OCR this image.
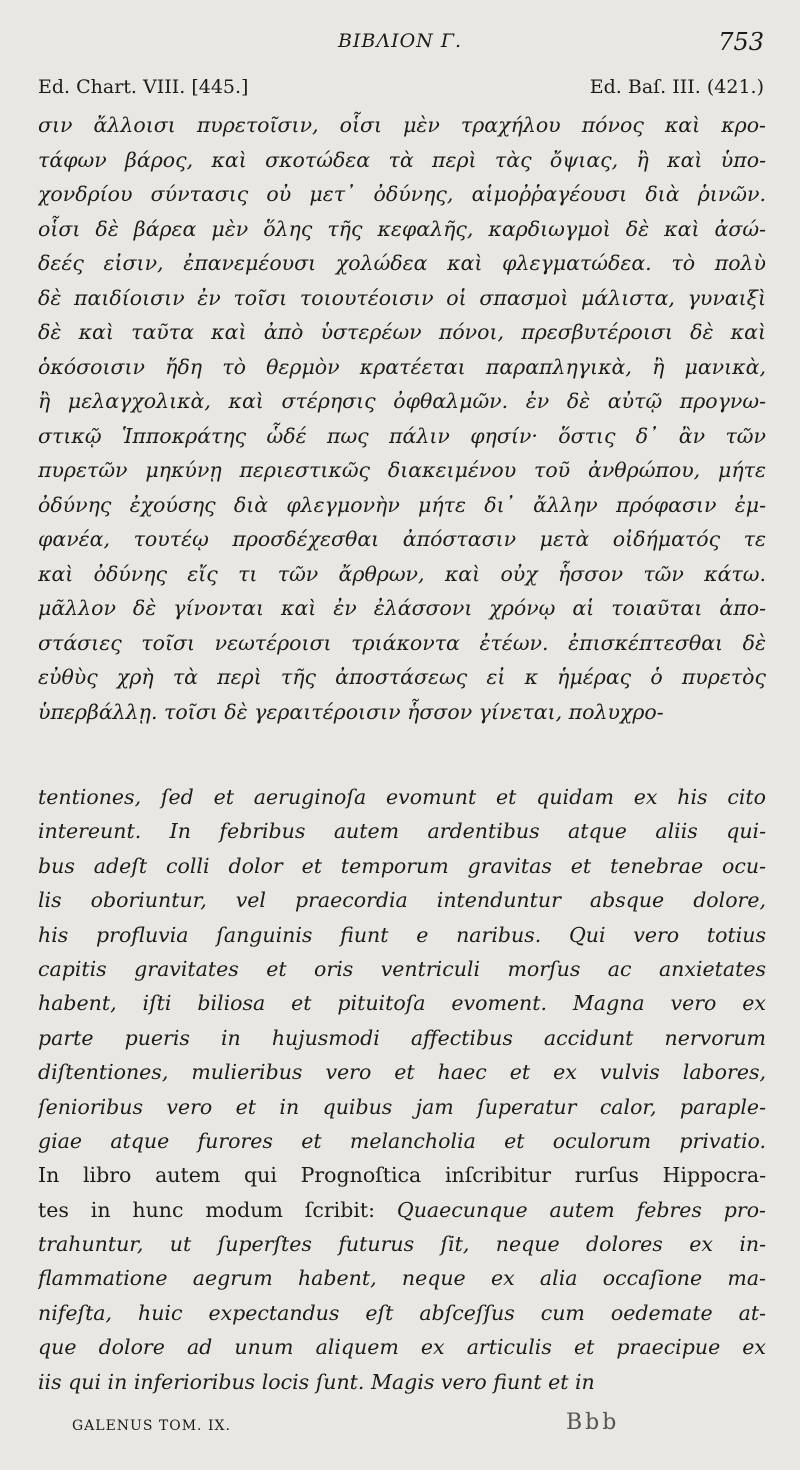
ΒΙΒΛΙΟΝ Γ.	753
Ed. Chart. VIII. [445.]	Ed. Baſ. III. (421.)
σιν ἄλλοισι πυρετοῖσιν, οἷσι μὲν τραχήλου πόνος καὶ κρο-
τάφων βάρος, καὶ σκοτώδεα τὰ περὶ τὰς ὄψιας, ἢ καὶ ὑπο-
χονδρίου σύντασις οὐ μετ᾽ ὀδύνης, αἱμοῤῥαγέουσι διὰ ῥινῶν.
οἷσι δὲ βάρεα μὲν ὅλης τῆς κεφαλῆς, καρδιωγμοὶ δὲ καὶ ἀσώ-
δεές εἰσιν, ἐπανεμέουσι χολώδεα καὶ φλεγματώδεα. τὸ πολὺ
δὲ παιδίοισιν ἐν τοῖσι τοιουτέοισιν οἱ σπασμοὶ μάλιστα, γυναιξὶ
δὲ καὶ ταῦτα καὶ ἀπὸ ὑστερέων πόνοι, πρεσβυτέροισι δὲ καὶ
ὁκόσοισιν ἤδη τὸ θερμὸν κρατέεται παραπληγικὰ, ἢ μανικὰ,
ἢ μελαγχολικὰ, καὶ στέρησις ὀφθαλμῶν. ἐν δὲ αὐτῷ προγνω-
στικῷ Ἱπποκράτης ὧδέ πως πάλιν φησίν· ὅστις δ᾽ ἂν τῶν
πυρετῶν μηκύνῃ περιεστικῶς διακειμένου τοῦ ἀνθρώπου, μήτε
ὀδύνης ἐχούσης διὰ φλεγμονὴν μήτε δι᾽ ἄλλην πρόφασιν ἐμ-
φανέα, τουτέῳ προσδέχεσθαι ἀπόστασιν μετὰ οἰδήματός τε
καὶ ὀδύνης εἴς τι τῶν ἄρθρων, καὶ οὐχ ἧσσον τῶν κάτω.
μᾶλλον δὲ γίνονται καὶ ἐν ἐλάσσονι χρόνῳ αἱ τοιαῦται ἀπο-
στάσιες τοῖσι νεωτέροισι τριάκοντα ἐτέων. ἐπισκέπτεσθαι δὲ
εὐθὺς χρὴ τὰ περὶ τῆς ἀποστάσεως εἰ κ ἡμέρας ὁ πυρετὸς
ὑπερβάλλῃ. τοῖσι δὲ γεραιτέροισιν ἧσσον γίνεται, πολυχρο-
tentiones, ſed et aeruginoſa evomunt et quidam ex his cito
intereunt. In febribus autem ardentibus atque aliis qui-
bus adeſt colli dolor et temporum gravitas et tenebrae ocu-
lis oboriuntur, vel praecordia intenduntur absque dolore,
his profluvia ſanguinis fiunt e naribus. Qui vero totius
capitis gravitates et oris ventriculi morſus ac anxietates
habent, iſti biliosa et pituitoſa evoment. Magna vero ex
parte pueris in hujusmodi affectibus accidunt nervorum
diſtentiones, mulieribus vero et haec et ex vulvis labores,
ſenioribus vero et in quibus jam ſuperatur calor, paraple-
giae atque furores et melancholia et oculorum privatio.
In libro autem qui Prognoſtica inſcribitur rurſus Hippocra-
tes in hunc modum ſcribit: Quaecunque autem febres pro-
trahuntur, ut ſuperſtes futurus ſit, neque dolores ex in-
flammatione aegrum habent, neque ex alia occaſione ma-
nifeſta, huic expectandus eſt abſceſſus cum oedemate at-
que dolore ad unum aliquem ex articulis et praecipue ex
iis qui in inferioribus locis ſunt. Magis vero fiunt et in
GALENUS TOM. IX.	Bbb
